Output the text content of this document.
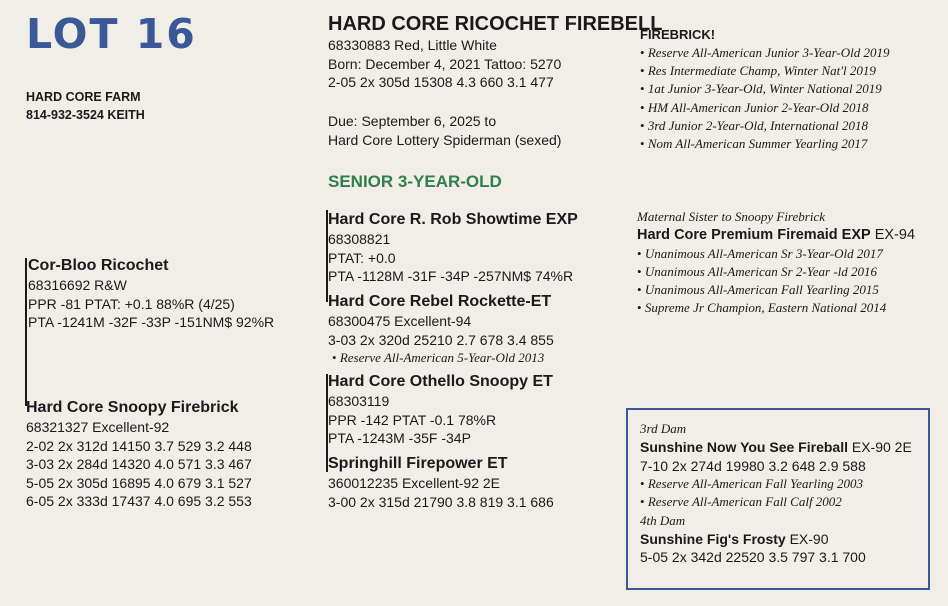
LOT 16
HARD CORE FARM
814-932-3524 KEITH
Cor-Bloo Ricochet
68316692 R&W
PPR -81 PTAT: +0.1 88%R (4/25)
PTA -1241M -32F -33P -151NM$ 92%R
Hard Core Snoopy Firebrick
68321327 Excellent-92
2-02 2x 312d 14150 3.7 529 3.2 448
3-03 2x 284d 14320 4.0 571 3.3 467
5-05 2x 305d 16895 4.0 679 3.1 527
6-05 2x 333d 17437 4.0 695 3.2 553
HARD CORE RICOCHET FIREBELL
68330883 Red, Little White
Born: December 4, 2021 Tattoo: 5270
2-05 2x 305d 15308 4.3 660 3.1 477
Due: September 6, 2025 to
Hard Core Lottery Spiderman (sexed)
SENIOR 3-YEAR-OLD
Hard Core R. Rob Showtime EXP
68308821
PTAT: +0.0
PTA -1128M -31F -34P -257NM$ 74%R
Hard Core Rebel Rockette-ET
68300475 Excellent-94
3-03 2x 320d 25210 2.7 678 3.4 855
• Reserve All-American 5-Year-Old 2013
Hard Core Othello Snoopy ET
68303119
PPR -142 PTAT -0.1 78%R
PTA -1243M -35F -34P
Springhill Firepower ET
360012235 Excellent-92 2E
3-00 2x 315d 21790 3.8 819 3.1 686
FIREBRICK!
• Reserve All-American Junior 3-Year-Old 2019
• Res Intermediate Champ, Winter Nat'l 2019
• 1at Junior 3-Year-Old, Winter National 2019
• HM All-American Junior 2-Year-Old 2018
• 3rd Junior 2-Year-Old, International 2018
• Nom All-American Summer Yearling 2017
Maternal Sister to Snoopy Firebrick
Hard Core Premium Firemaid EXP EX-94
• Unanimous All-American Sr 3-Year-Old 2017
• Unanimous All-American Sr 2-Year -ld 2016
• Unanimous All-American Fall Yearling 2015
• Supreme Jr Champion, Eastern National 2014
3rd Dam
Sunshine Now You See Fireball EX-90 2E
7-10 2x 274d 19980 3.2 648 2.9 588
• Reserve All-American Fall Yearling 2003
• Reserve All-American Fall Calf 2002
4th Dam
Sunshine Fig's Frosty EX-90
5-05 2x 342d 22520 3.5 797 3.1 700
